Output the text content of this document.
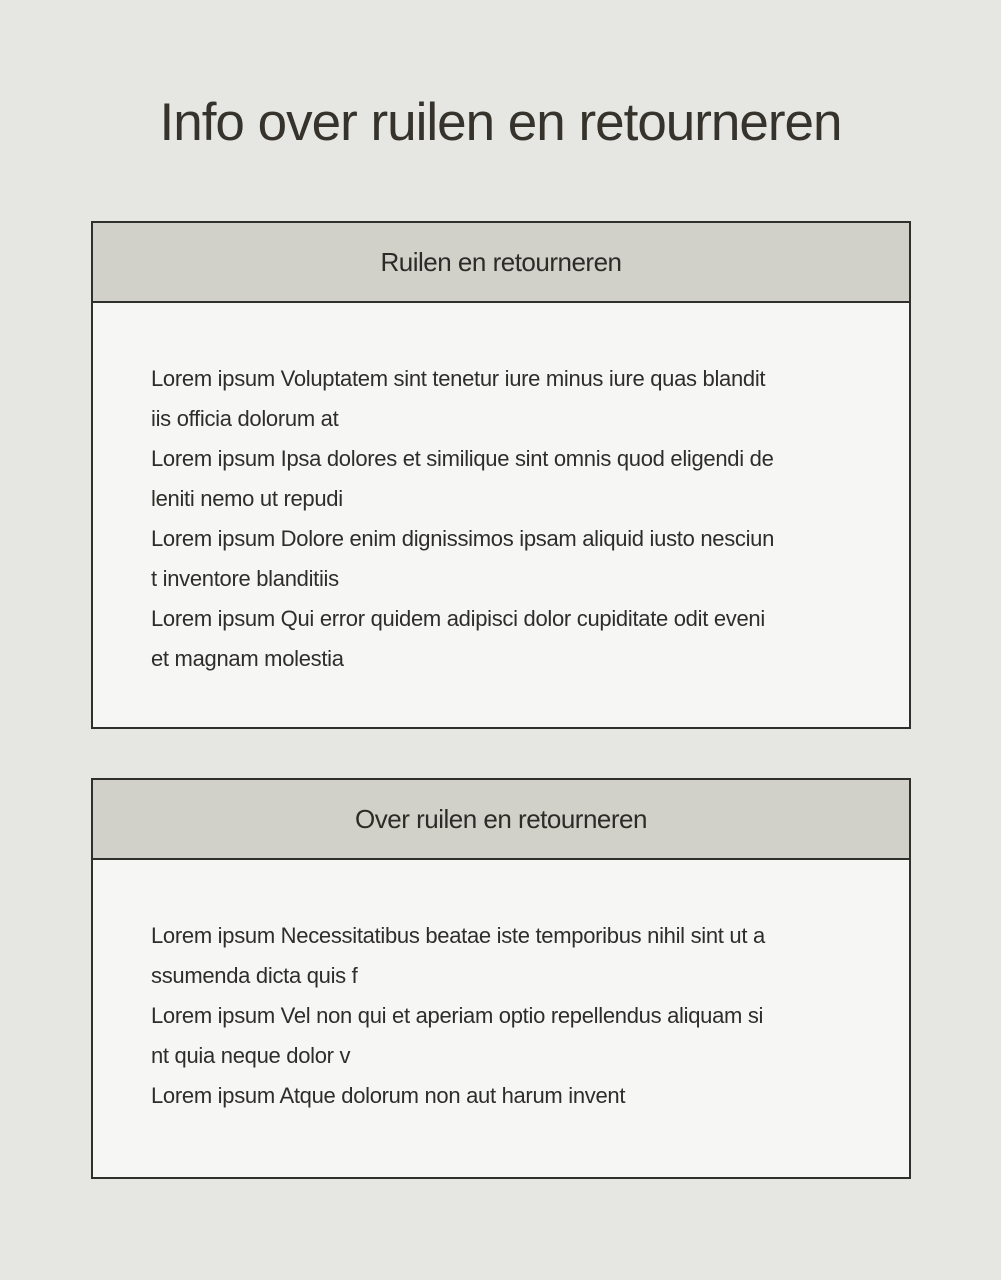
Info over ruilen en retourneren
Ruilen en retourneren
Lorem ipsum Voluptatem sint tenetur iure minus iure quas blandit
iis officia dolorum at
Lorem ipsum Ipsa dolores et similique sint omnis quod eligendi de
leniti nemo ut repudi
Lorem ipsum Dolore enim dignissimos ipsam aliquid iusto nesciun
t inventore blanditiis
Lorem ipsum Qui error quidem adipisci dolor cupiditate odit eveni
et magnam molestia
Over ruilen en retourneren
Lorem ipsum Necessitatibus beatae iste temporibus nihil sint ut a
ssumenda dicta quis f
Lorem ipsum Vel non qui et aperiam optio repellendus aliquam si
nt quia neque dolor v
Lorem ipsum Atque dolorum non aut harum invent
